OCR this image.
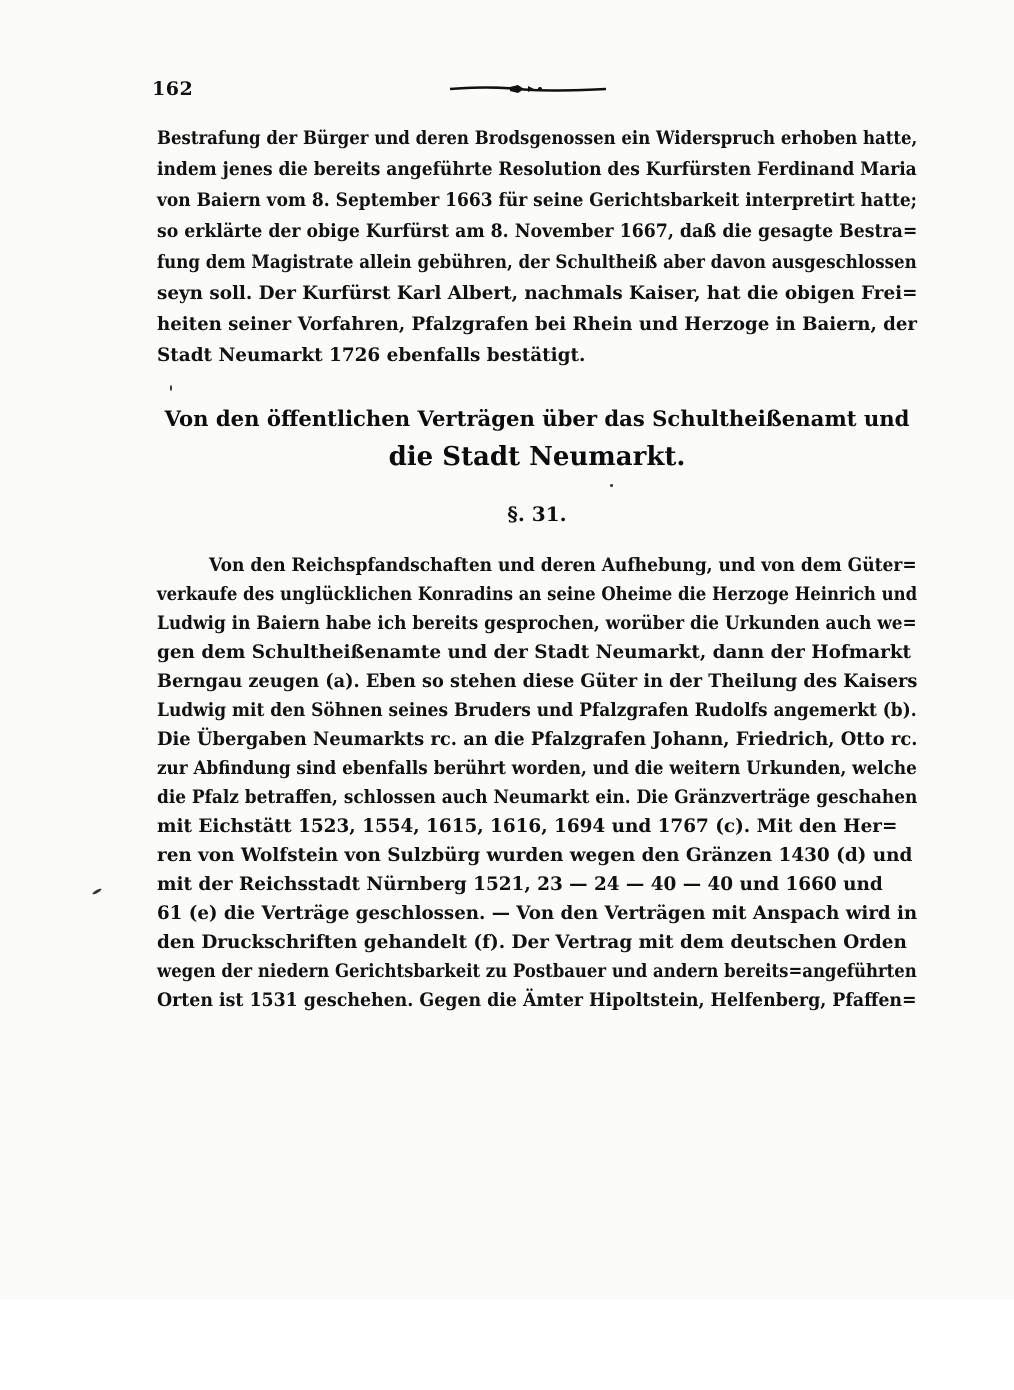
162
Bestrafung der Bürger und deren Brodsgenossen ein Widerspruch erhoben hatte,
indem jenes die bereits angeführte Resolution des Kurfürsten Ferdinand Maria
von Baiern vom 8. September 1663 für seine Gerichtsbarkeit interpretirt hatte;
so erklärte der obige Kurfürst am 8. November 1667, daß die gesagte Bestra=
fung dem Magistrate allein gebühren, der Schultheiß aber davon ausgeschlossen
seyn soll. Der Kurfürst Karl Albert, nachmals Kaiser, hat die obigen Frei=
heiten seiner Vorfahren, Pfalzgrafen bei Rhein und Herzoge in Baiern, der
Stadt Neumarkt 1726 ebenfalls bestätigt.
Von den öffentlichen Verträgen über das Schultheißenamt und
die Stadt Neumarkt.
§. 31.
Von den Reichspfandschaften und deren Aufhebung, und von dem Güter=
verkaufe des unglücklichen Konradins an seine Oheime die Herzoge Heinrich und
Ludwig in Baiern habe ich bereits gesprochen, worüber die Urkunden auch we=
gen dem Schultheißenamte und der Stadt Neumarkt, dann der Hofmarkt
Berngau zeugen (a). Eben so stehen diese Güter in der Theilung des Kaisers
Ludwig mit den Söhnen seines Bruders und Pfalzgrafen Rudolfs angemerkt (b).
Die Übergaben Neumarkts rc. an die Pfalzgrafen Johann, Friedrich, Otto rc.
zur Abfindung sind ebenfalls berührt worden, und die weitern Urkunden, welche
die Pfalz betraffen, schlossen auch Neumarkt ein. Die Gränzverträge geschahen
mit Eichstätt 1523, 1554, 1615, 1616, 1694 und 1767 (c). Mit den Her=
ren von Wolfstein von Sulzbürg wurden wegen den Gränzen 1430 (d) und
mit der Reichsstadt Nürnberg 1521, 23 — 24 — 40 — 40 und 1660 und
61 (e) die Verträge geschlossen. — Von den Verträgen mit Anspach wird in
den Druckschriften gehandelt (f). Der Vertrag mit dem deutschen Orden
wegen der niedern Gerichtsbarkeit zu Postbauer und andern bereits=angeführten
Orten ist 1531 geschehen. Gegen die Ämter Hipoltstein, Helfenberg, Pfaffen=
